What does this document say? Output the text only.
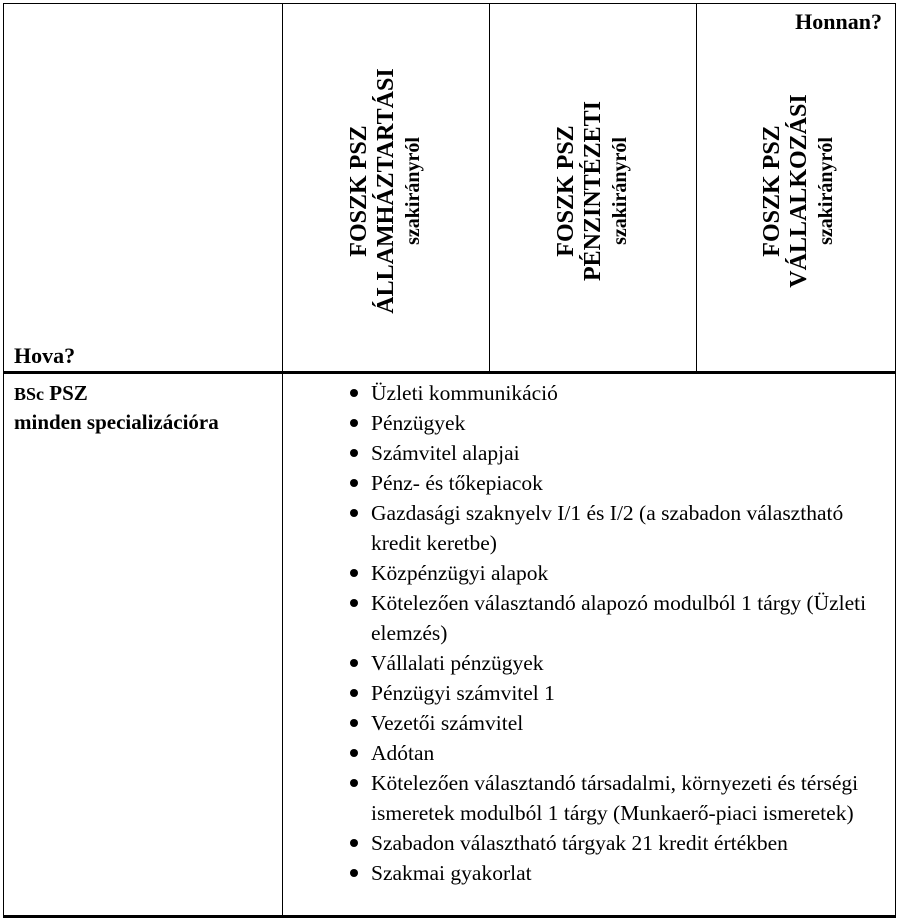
Honnan?
Hova?
FOSZK PSZ ÁLLAMHÁZTARTÁSI szakirányról	FOSZK PSZ PÉNZINTÉZETI szakirányról	FOSZK PSZ VÁLLALKOZÁSI szakirányról
BSc PSZ
minden specializációra
Üzleti kommunikáció
Pénzügyek
Számvitel alapjai
Pénz- és tőkepiacok
Gazdasági szaknyelv I/1 és I/2 (a szabadon választható kredit keretbe)
Közpénzügyi alapok
Kötelezően választandó alapozó modulból 1 tárgy (Üzleti elemzés)
Vállalati pénzügyek
Pénzügyi számvitel 1
Vezetői számvitel
Adótan
Kötelezően választandó társadalmi, környezeti és térségi ismeretek modulból 1 tárgy (Munkaerő-piaci ismeretek)
Szabadon választható tárgyak 21 kredit értékben
Szakmai gyakorlat
